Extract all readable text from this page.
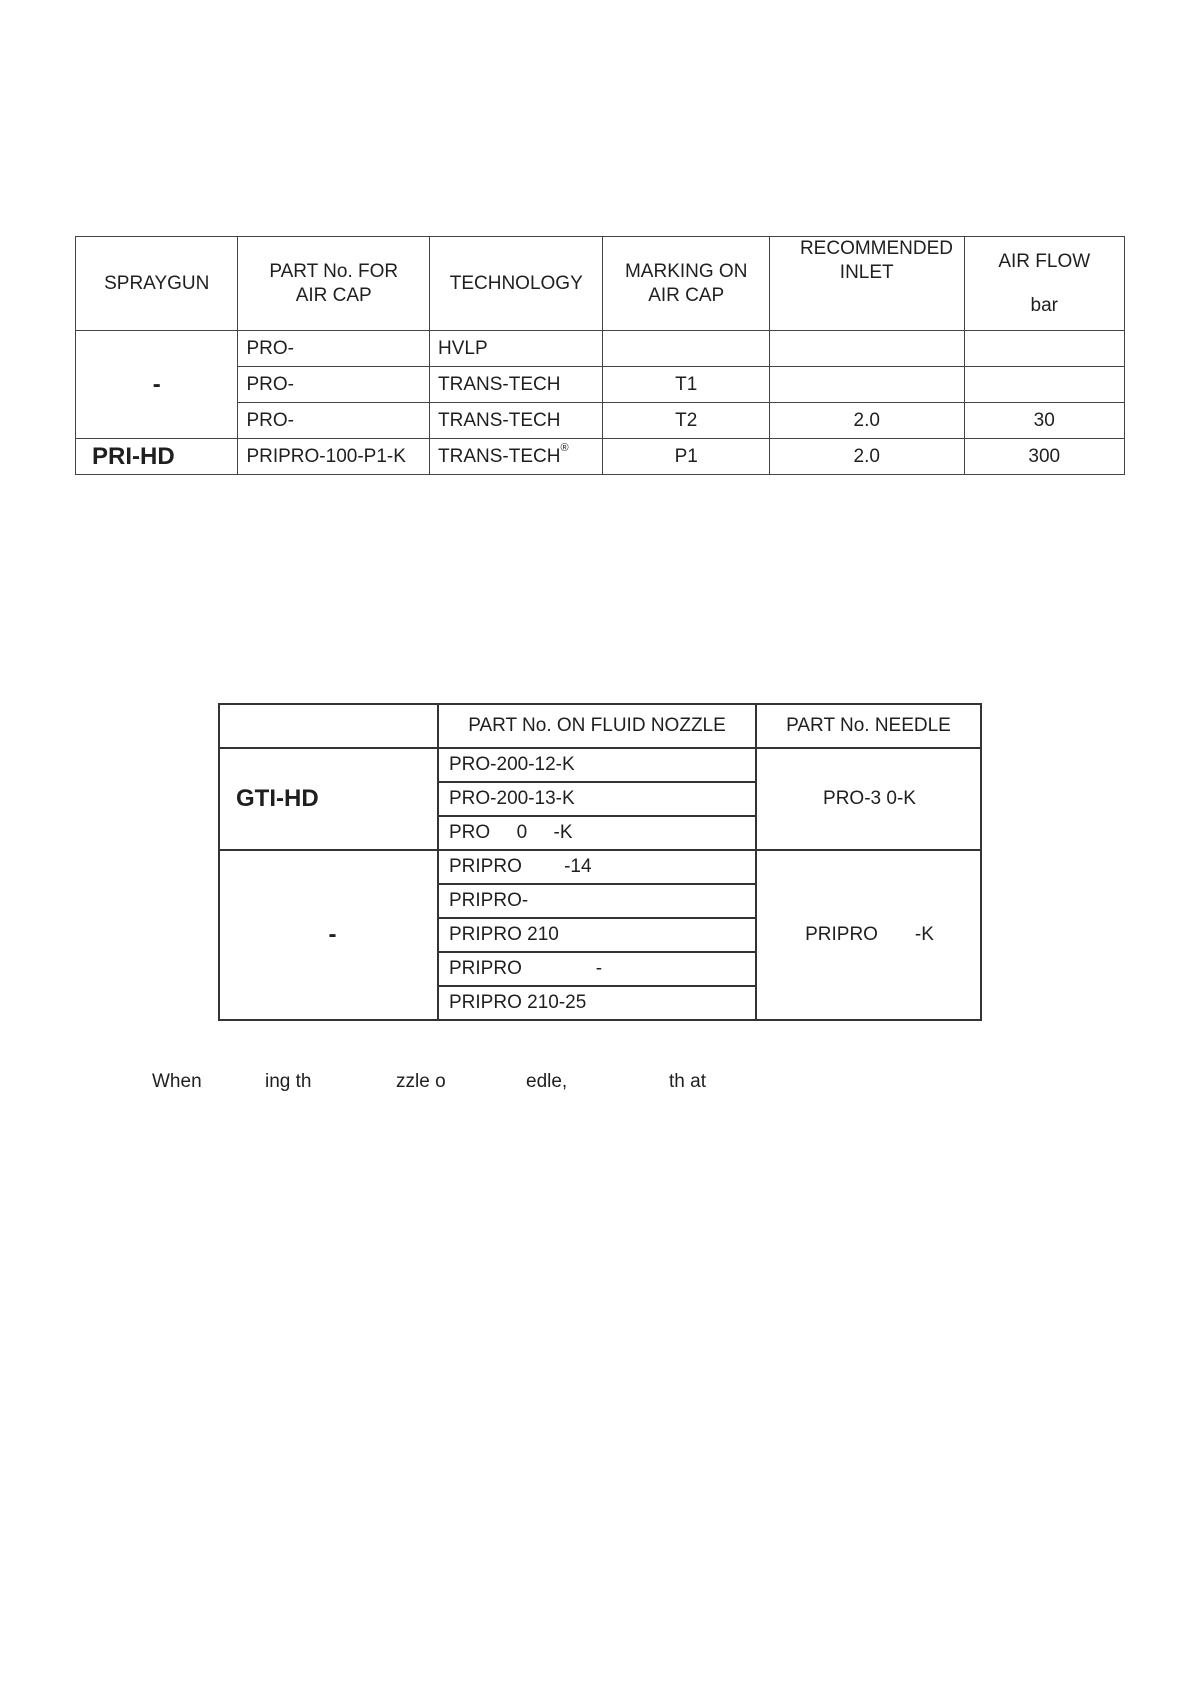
SPRAYGUN	PART No. FOR AIR CAP	TECHNOLOGY	MARKING ON AIR CAP	RECOMMENDED INLET	AIR FLOW
bar

-	PRO-	HVLP			
	PRO-	TRANS-TECH	T1		
	PRO-	TRANS-TECH	T2	2.0	30
PRI-HD	PRIPRO-100-P1-K	TRANS-TECH®	P1	2.0	300
	PART No. ON FLUID NOZZLE	PART No. NEEDLE
GTI-HD	PRO-200-12-K	PRO-3 0-K
	PRO-200-13-K	
	PRO     0     -K	
-	PRIPRO        -14	PRIPRO       -K
	PRIPRO-	
	PRIPRO 210	
	PRIPRO              -	
	PRIPRO 210-25	
When	ing th	zzle o	edle,	th at
